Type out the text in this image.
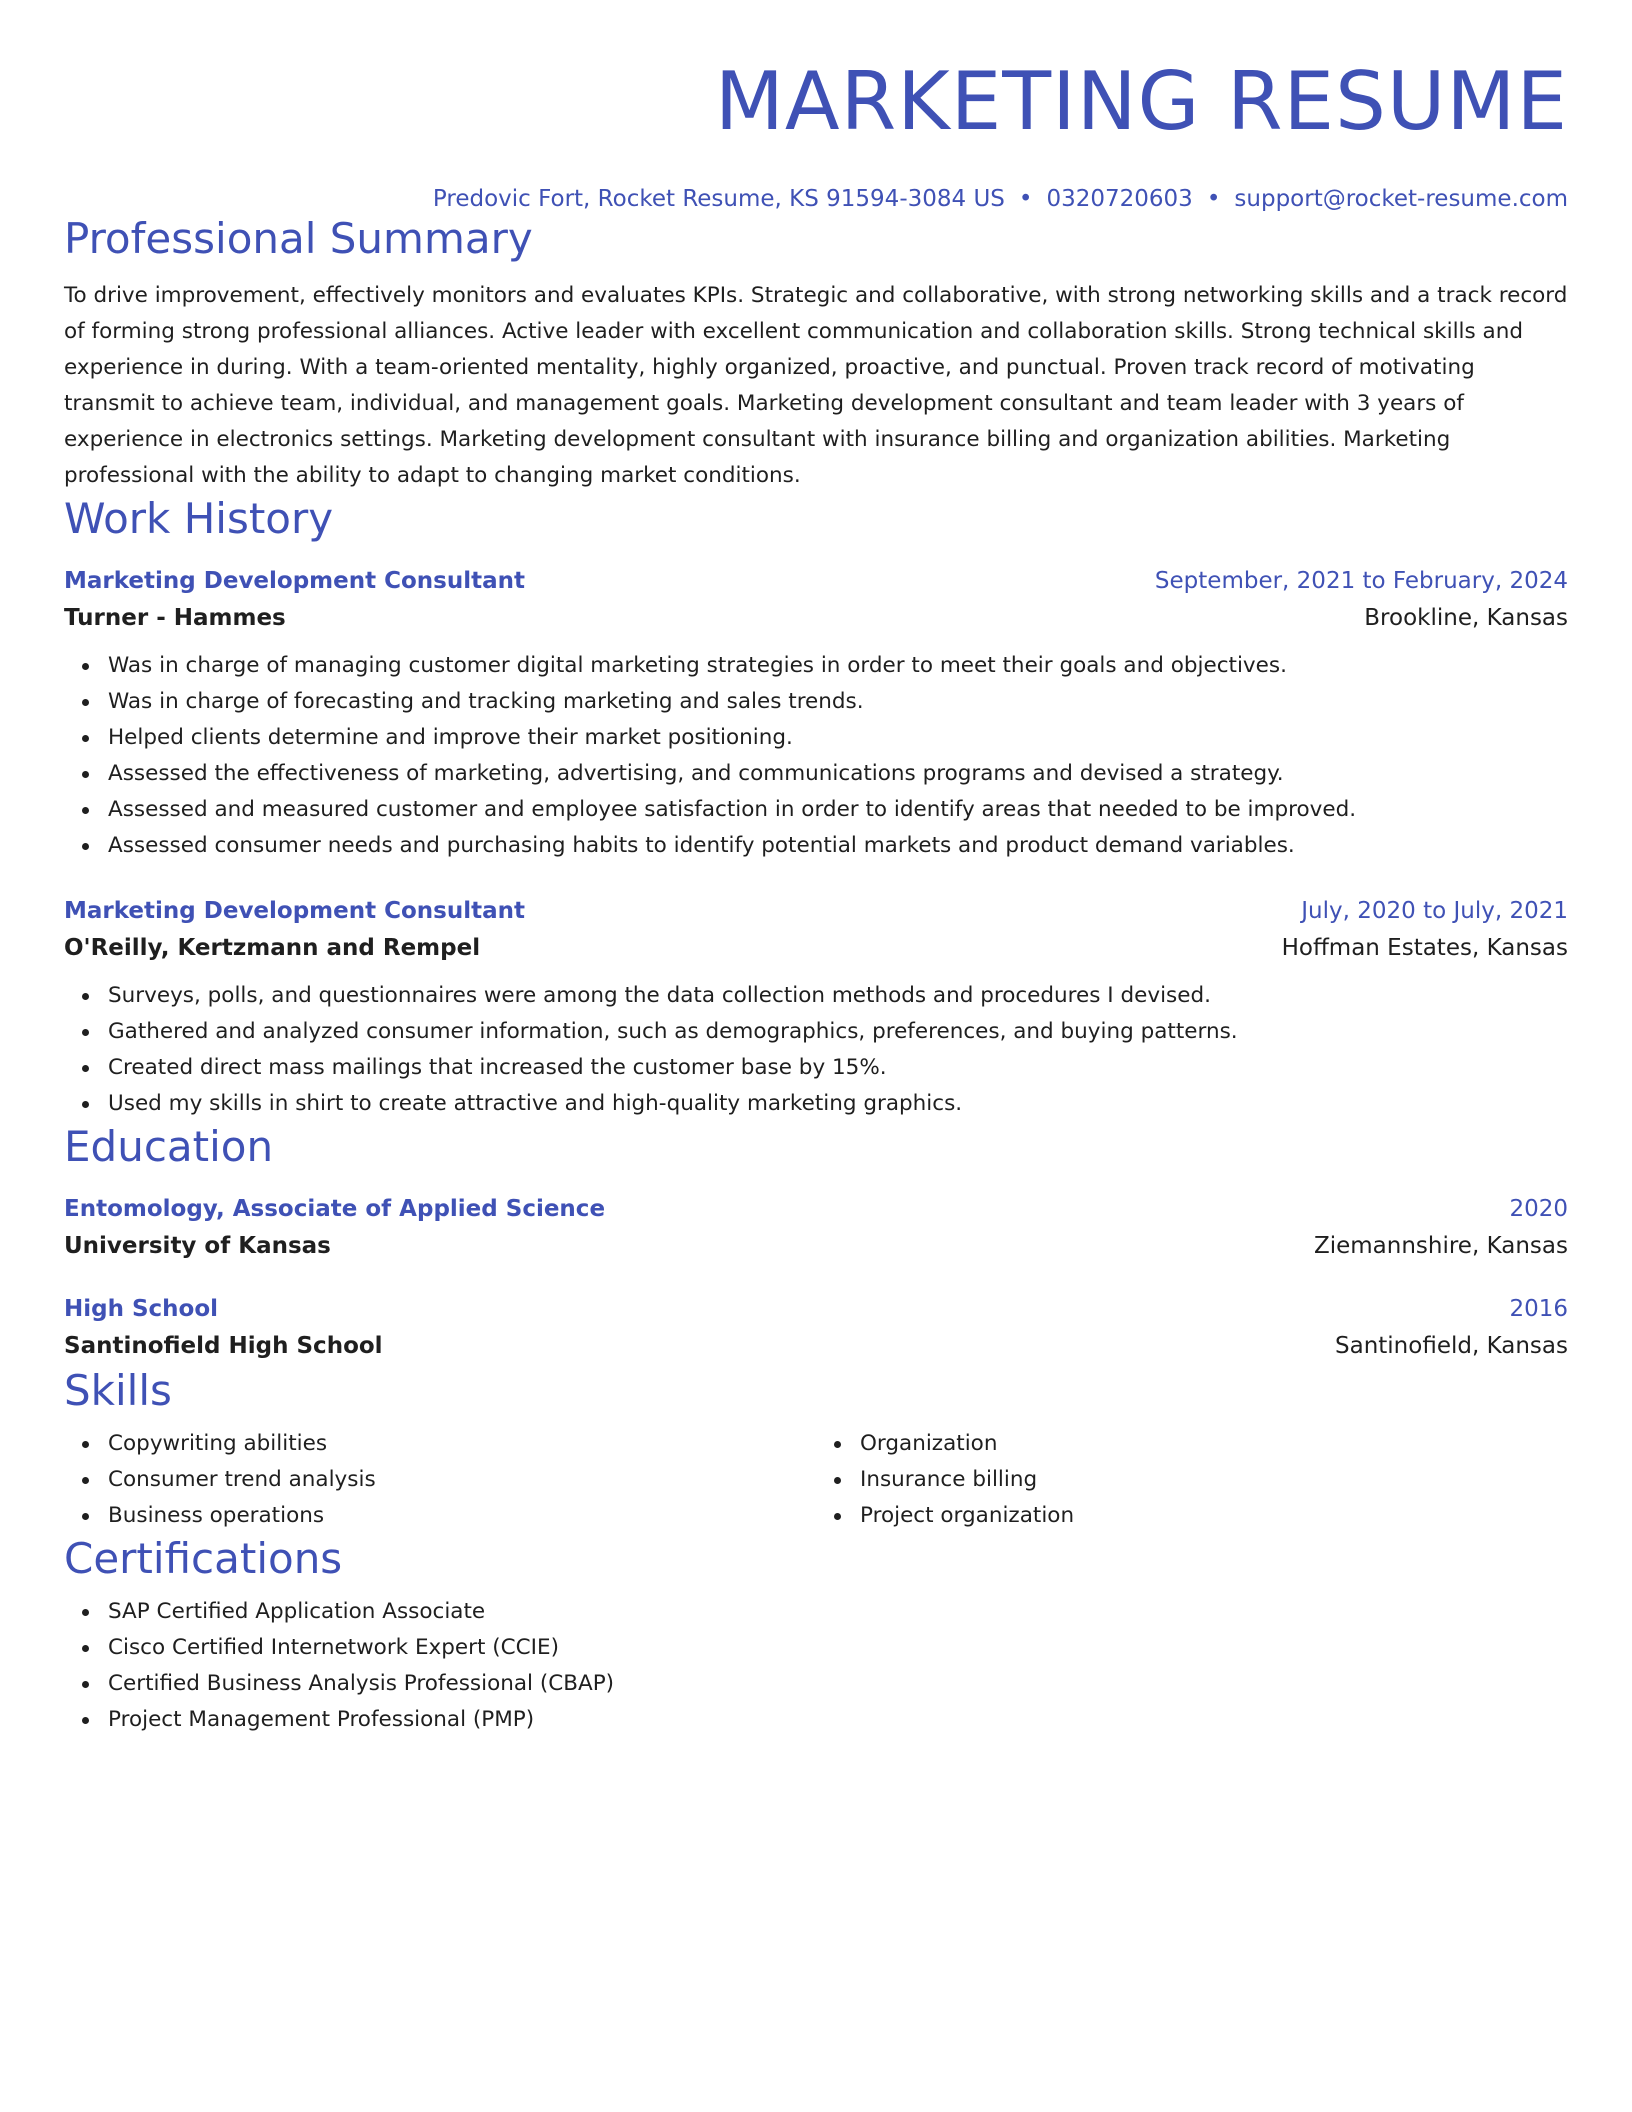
MARKETING RESUME
Predovic Fort, Rocket Resume, KS 91594-3084 US • 0320720603 • support@rocket-resume.com
Professional Summary
To drive improvement, effectively monitors and evaluates KPIs. Strategic and collaborative, with strong networking skills and a track record of forming strong professional alliances. Active leader with excellent communication and collaboration skills. Strong technical skills and experience in during. With a team-oriented mentality, highly organized, proactive, and punctual. Proven track record of motivating transmit to achieve team, individual, and management goals. Marketing development consultant and team leader with 3 years of experience in electronics settings. Marketing development consultant with insurance billing and organization abilities. Marketing professional with the ability to adapt to changing market conditions.
Work History
Marketing Development Consultant	September, 2021 to February, 2024
Turner - Hammes	Brookline, Kansas
Was in charge of managing customer digital marketing strategies in order to meet their goals and objectives.
Was in charge of forecasting and tracking marketing and sales trends.
Helped clients determine and improve their market positioning.
Assessed the effectiveness of marketing, advertising, and communications programs and devised a strategy.
Assessed and measured customer and employee satisfaction in order to identify areas that needed to be improved.
Assessed consumer needs and purchasing habits to identify potential markets and product demand variables.
Marketing Development Consultant	July, 2020 to July, 2021
O'Reilly, Kertzmann and Rempel	Hoffman Estates, Kansas
Surveys, polls, and questionnaires were among the data collection methods and procedures I devised.
Gathered and analyzed consumer information, such as demographics, preferences, and buying patterns.
Created direct mass mailings that increased the customer base by 15%.
Used my skills in shirt to create attractive and high-quality marketing graphics.
Education
Entomology, Associate of Applied Science	2020
University of Kansas	Ziemannshire, Kansas
High School	2016
Santinofield High School	Santinofield, Kansas
Skills
Copywriting abilities
Consumer trend analysis
Business operations
Organization
Insurance billing
Project organization
Certifications
SAP Certified Application Associate
Cisco Certified Internetwork Expert (CCIE)
Certified Business Analysis Professional (CBAP)
Project Management Professional (PMP)
